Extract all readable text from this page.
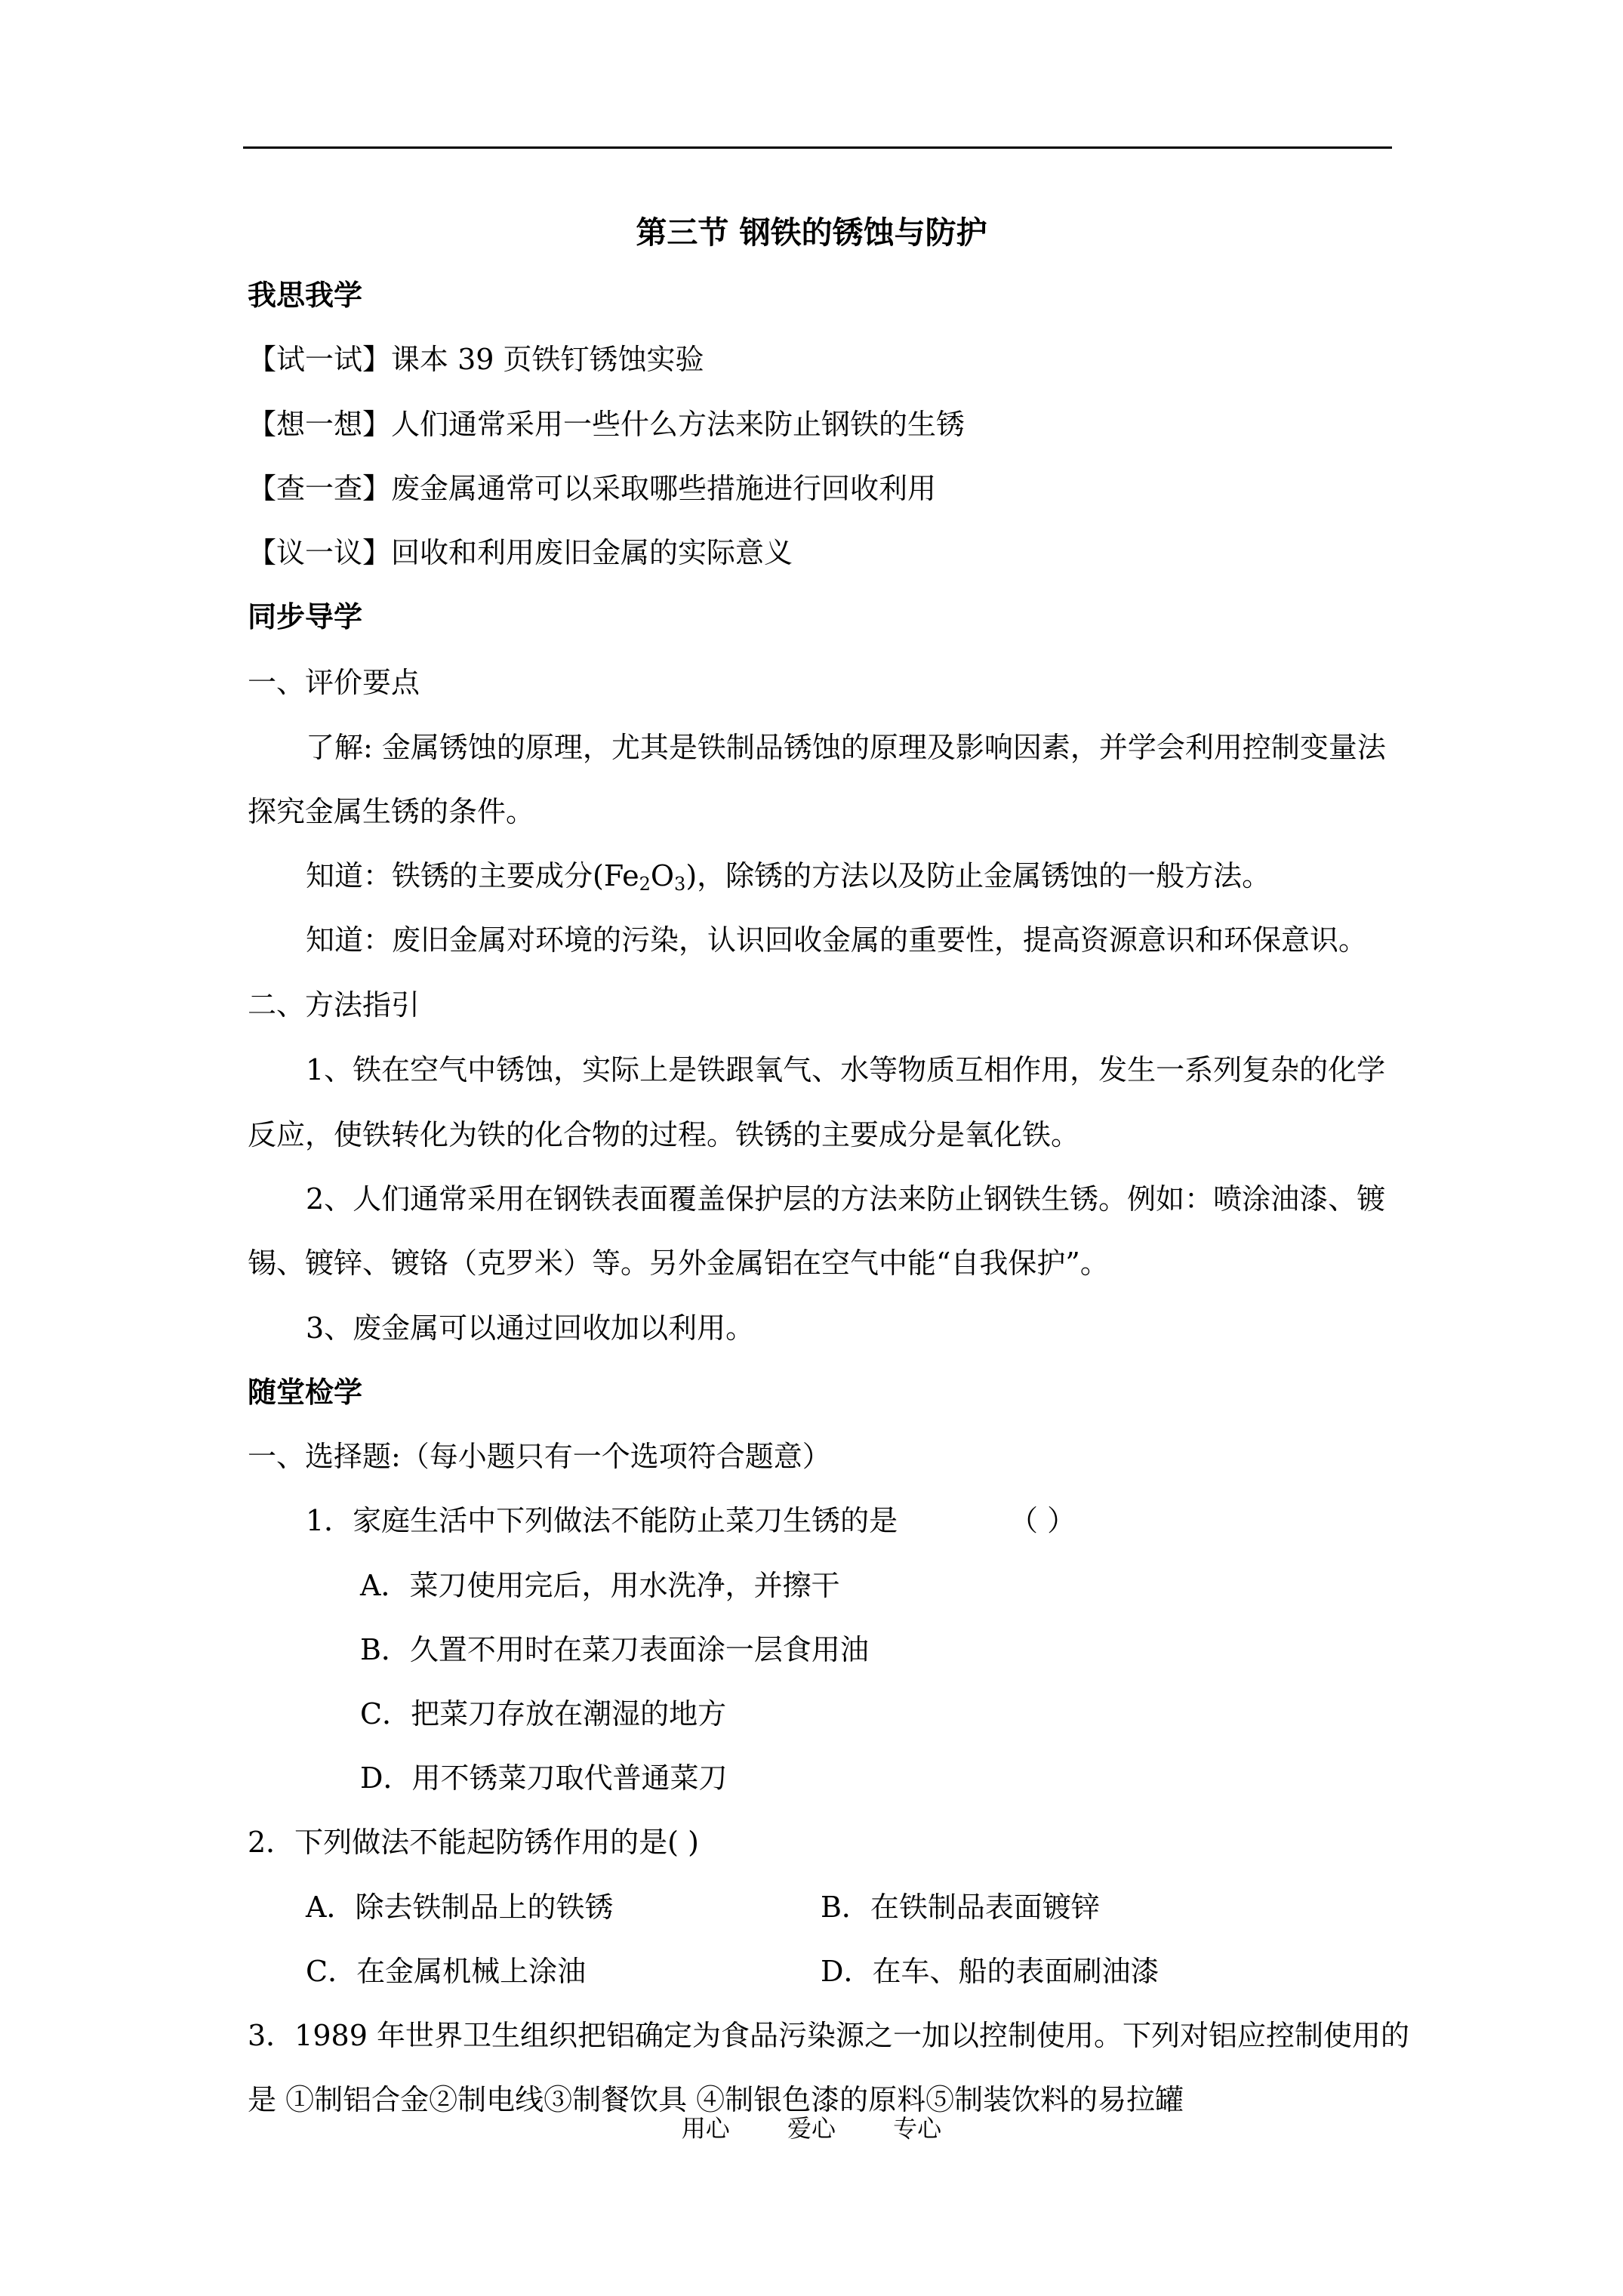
第三节 钢铁的锈蚀与防护
我思我学
【试一试】课本 39 页铁钉锈蚀实验
【想一想】人们通常采用一些什么方法来防止钢铁的生锈
【查一查】废金属通常可以采取哪些措施进行回收利用
【议一议】回收和利用废旧金属的实际意义
同步导学
一、评价要点
了解: 金属锈蚀的原理，尤其是铁制品锈蚀的原理及影响因素，并学会利用控制变量法
探究金属生锈的条件。
知道：铁锈的主要成分$(Fe_2O_3)$，除锈的方法以及防止金属锈蚀的一般方法。
知道：废旧金属对环境的污染，认识回收金属的重要性，提高资源意识和环保意识。
二、方法指引
1、铁在空气中锈蚀，实际上是铁跟氧气、水等物质互相作用，发生一系列复杂的化学
反应，使铁转化为铁的化合物的过程。铁锈的主要成分是氧化铁。
2、人们通常采用在钢铁表面覆盖保护层的方法来防止钢铁生锈。例如：喷涂油漆、镀
锡、镀锌、镀铬（克罗米）等。另外金属铝在空气中能“自我保护”。
3、废金属可以通过回收加以利用。
随堂检学
一、选择题:（每小题只有一个选项符合题意）
1．家庭生活中下列做法不能防止菜刀生锈的是	（ ）
A．菜刀使用完后，用水洗净，并擦干
B．久置不用时在菜刀表面涂一层食用油
C．把菜刀存放在潮湿的地方
D．用不锈菜刀取代普通菜刀
2．下列做法不能起防锈作用的是( )
A．除去铁制品上的铁锈	B．在铁制品表面镀锌
C．在金属机械上涂油	D．在车、船的表面刷油漆
3．1989 年世界卫生组织把铝确定为食品污染源之一加以控制使用。下列对铝应控制使用的
是 ①制铝合金②制电线③制餐饮具 ④制银色漆的原料⑤制装饮料的易拉罐
用心 爱心 专心
